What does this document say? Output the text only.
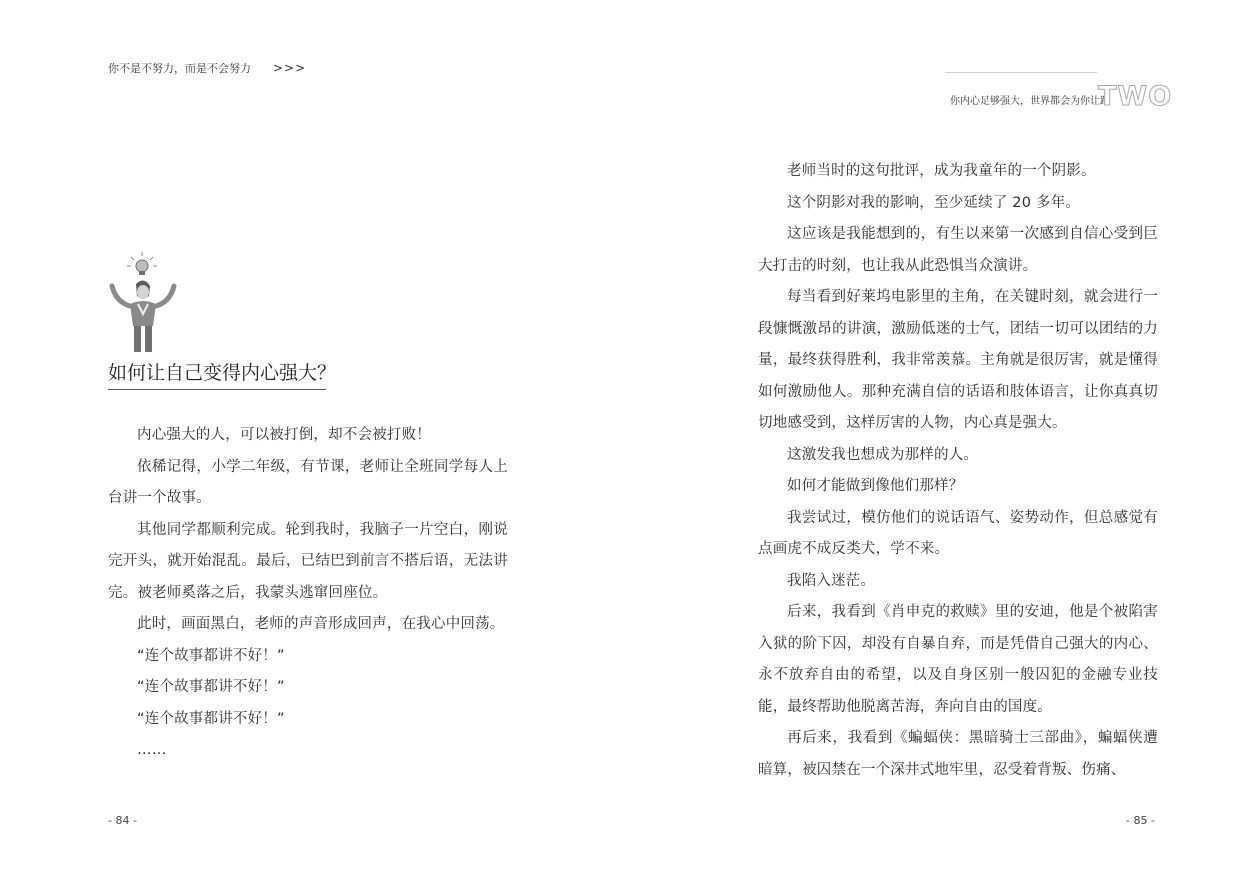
你不是不努力，而是不会努力 >>>
如何让自己变得内心强大？

内心强大的人，可以被打倒，却不会被打败！

依稀记得，小学二年级，有节课，老师让全班同学每人上台讲一个故事。

其他同学都顺利完成。轮到我时，我脑子一片空白，刚说完开头，就开始混乱。最后，已结巴到前言不搭后语，无法讲完。被老师奚落之后，我蒙头逃窜回座位。

此时，画面黑白，老师的声音形成回声，在我心中回荡。

“连个故事都讲不好！”

“连个故事都讲不好！”

“连个故事都讲不好！”

……

- 84 -
你内心足够强大，世界都会为你让路
TWO

老师当时的这句批评，成为我童年的一个阴影。

这个阴影对我的影响，至少延续了 20 多年。

这应该是我能想到的，有生以来第一次感到自信心受到巨大打击的时刻，也让我从此恐惧当众演讲。

每当看到好莱坞电影里的主角，在关键时刻，就会进行一段慷慨激昂的讲演，激励低迷的士气，团结一切可以团结的力量，最终获得胜利，我非常羡慕。主角就是很厉害，就是懂得如何激励他人。那种充满自信的话语和肢体语言，让你真真切切地感受到，这样厉害的人物，内心真是强大。

这激发我也想成为那样的人。

如何才能做到像他们那样？

我尝试过，模仿他们的说话语气、姿势动作，但总感觉有点画虎不成反类犬，学不来。

我陷入迷茫。

后来，我看到《肖申克的救赎》里的安迪，他是个被陷害入狱的阶下囚，却没有自暴自弃，而是凭借自己强大的内心、永不放弃自由的希望，以及自身区别一般囚犯的金融专业技能，最终帮助他脱离苦海，奔向自由的国度。

再后来，我看到《蝙蝠侠：黑暗骑士三部曲》，蝙蝠侠遭暗算，被囚禁在一个深井式地牢里，忍受着背叛、伤痛、

- 85 -
